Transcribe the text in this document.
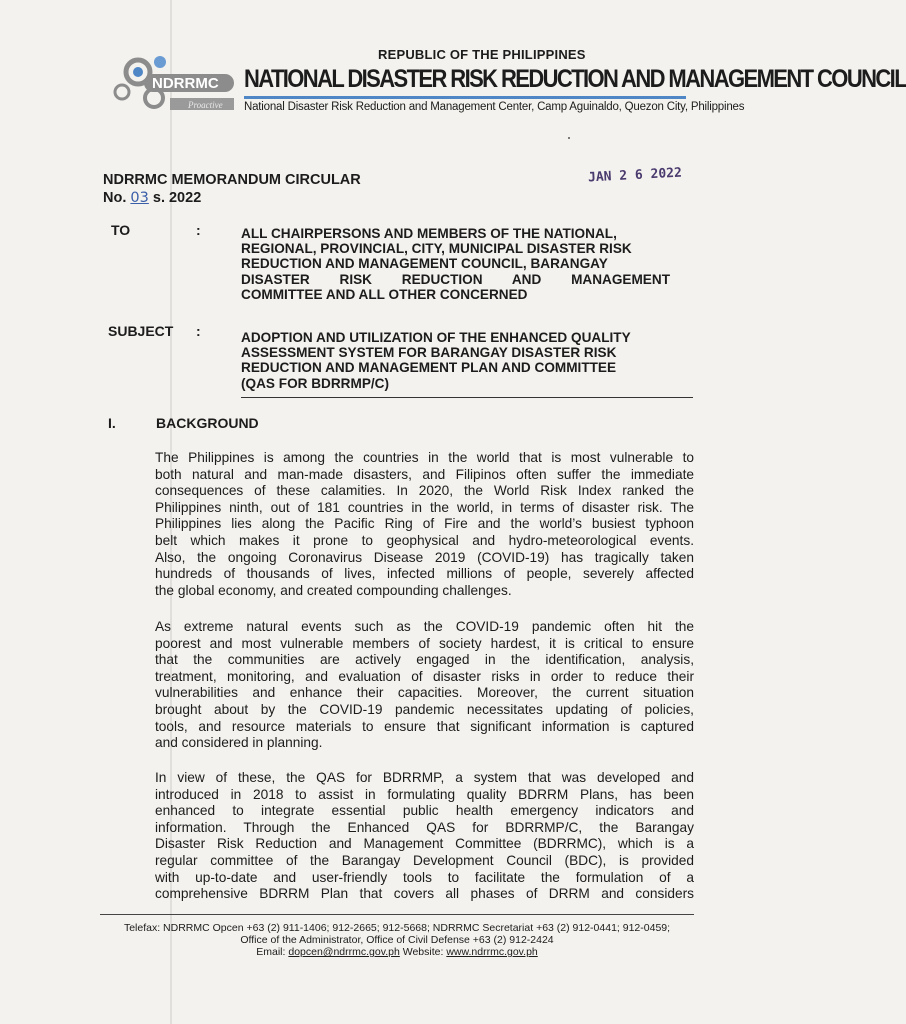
NDRRMC
Proactive
REPUBLIC OF THE PHILIPPINES
NATIONAL DISASTER RISK REDUCTION AND MANAGEMENT COUNCIL
National Disaster Risk Reduction and Management Center, Camp Aguinaldo, Quezon City, Philippines
NDRRMC MEMORANDUM CIRCULAR
No. 03 s. 2022
JAN 2 6 2022
TO	:	ALL CHAIRPERSONS AND MEMBERS OF THE NATIONAL,
REGIONAL, PROVINCIAL, CITY, MUNICIPAL DISASTER RISK
REDUCTION AND MANAGEMENT COUNCIL, BARANGAY
DISASTER RISK REDUCTION AND MANAGEMENT
COMMITTEE AND ALL OTHER CONCERNED
SUBJECT :	ADOPTION AND UTILIZATION OF THE ENHANCED QUALITY
ASSESSMENT SYSTEM FOR BARANGAY DISASTER RISK
REDUCTION AND MANAGEMENT PLAN AND COMMITTEE
(QAS FOR BDRRMP/C)
I.	BACKGROUND
The Philippines is among the countries in the world that is most vulnerable to
both natural and man-made disasters, and Filipinos often suffer the immediate
consequences of these calamities. In 2020, the World Risk Index ranked the
Philippines ninth, out of 181 countries in the world, in terms of disaster risk. The
Philippines lies along the Pacific Ring of Fire and the world’s busiest typhoon
belt which makes it prone to geophysical and hydro-meteorological events.
Also, the ongoing Coronavirus Disease 2019 (COVID-19) has tragically taken
hundreds of thousands of lives, infected millions of people, severely affected
the global economy, and created compounding challenges.
As extreme natural events such as the COVID-19 pandemic often hit the
poorest and most vulnerable members of society hardest, it is critical to ensure
that the communities are actively engaged in the identification, analysis,
treatment, monitoring, and evaluation of disaster risks in order to reduce their
vulnerabilities and enhance their capacities. Moreover, the current situation
brought about by the COVID-19 pandemic necessitates updating of policies,
tools, and resource materials to ensure that significant information is captured
and considered in planning.
In view of these, the QAS for BDRRMP, a system that was developed and
introduced in 2018 to assist in formulating quality BDRRM Plans, has been
enhanced to integrate essential public health emergency indicators and
information. Through the Enhanced QAS for BDRRMP/C, the Barangay
Disaster Risk Reduction and Management Committee (BDRRMC), which is a
regular committee of the Barangay Development Council (BDC), is provided
with up-to-date and user-friendly tools to facilitate the formulation of a
comprehensive BDRRM Plan that covers all phases of DRRM and considers
Telefax: NDRRMC Opcen +63 (2) 911-1406; 912-2665; 912-5668; NDRRMC Secretariat +63 (2) 912-0441; 912-0459;
Office of the Administrator, Office of Civil Defense +63 (2) 912-2424
Email: dopcen@ndrrmc.gov.ph Website: www.ndrrmc.gov.ph
